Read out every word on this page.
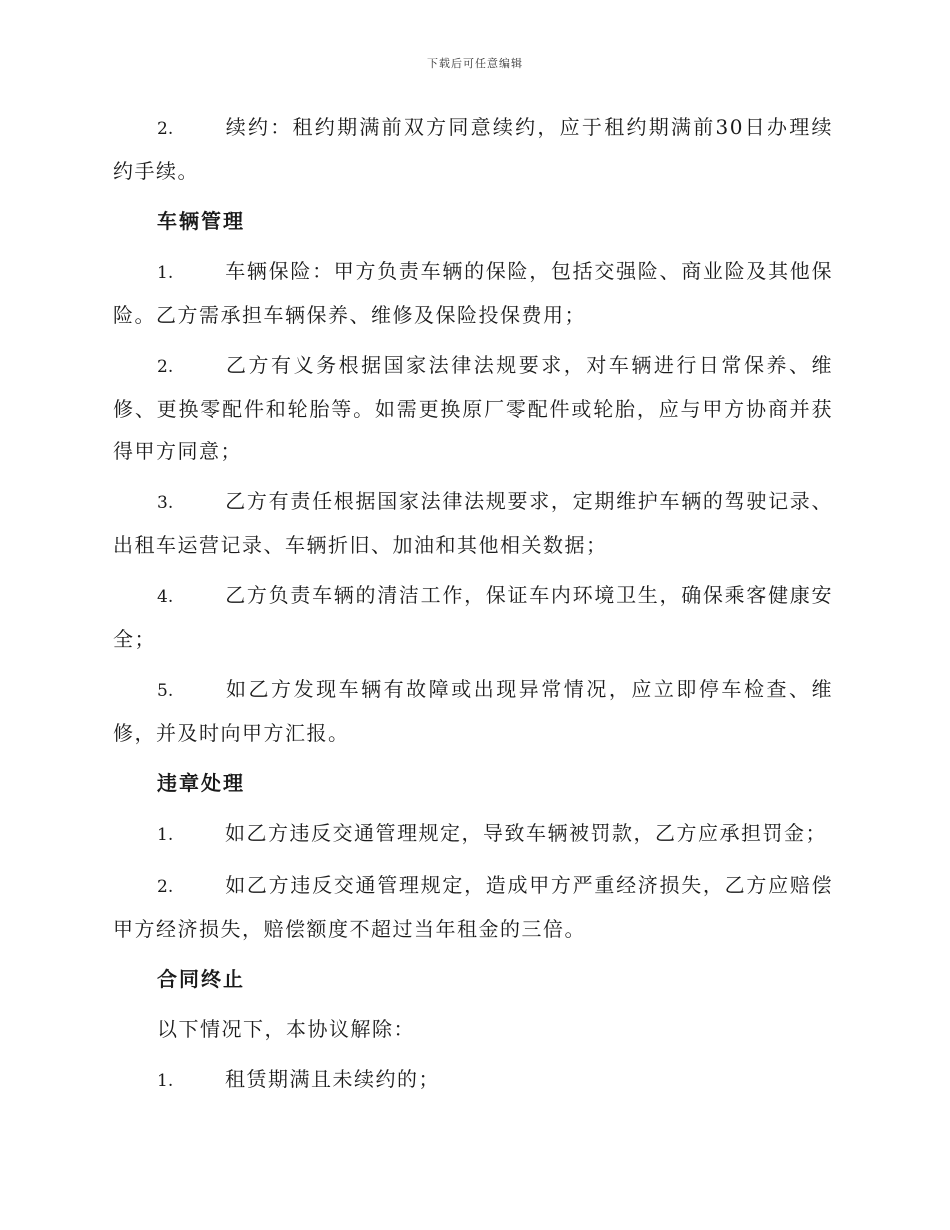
下载后可任意编辑
2.	续约：租约期满前双方同意续约，应于租约期满前30日办理续约手续。
车辆管理
1.	车辆保险：甲方负责车辆的保险，包括交强险、商业险及其他保险。乙方需承担车辆保养、维修及保险投保费用；
2.	乙方有义务根据国家法律法规要求，对车辆进行日常保养、维修、更换零配件和轮胎等。如需更换原厂零配件或轮胎，应与甲方协商并获得甲方同意；
3.	乙方有责任根据国家法律法规要求，定期维护车辆的驾驶记录、出租车运营记录、车辆折旧、加油和其他相关数据；
4.	乙方负责车辆的清洁工作，保证车内环境卫生，确保乘客健康安全；
5.	如乙方发现车辆有故障或出现异常情况，应立即停车检查、维修，并及时向甲方汇报。
违章处理
1.	如乙方违反交通管理规定，导致车辆被罚款，乙方应承担罚金；
2.	如乙方违反交通管理规定，造成甲方严重经济损失，乙方应赔偿甲方经济损失，赔偿额度不超过当年租金的三倍。
合同终止
以下情况下，本协议解除：
1.	租赁期满且未续约的；
